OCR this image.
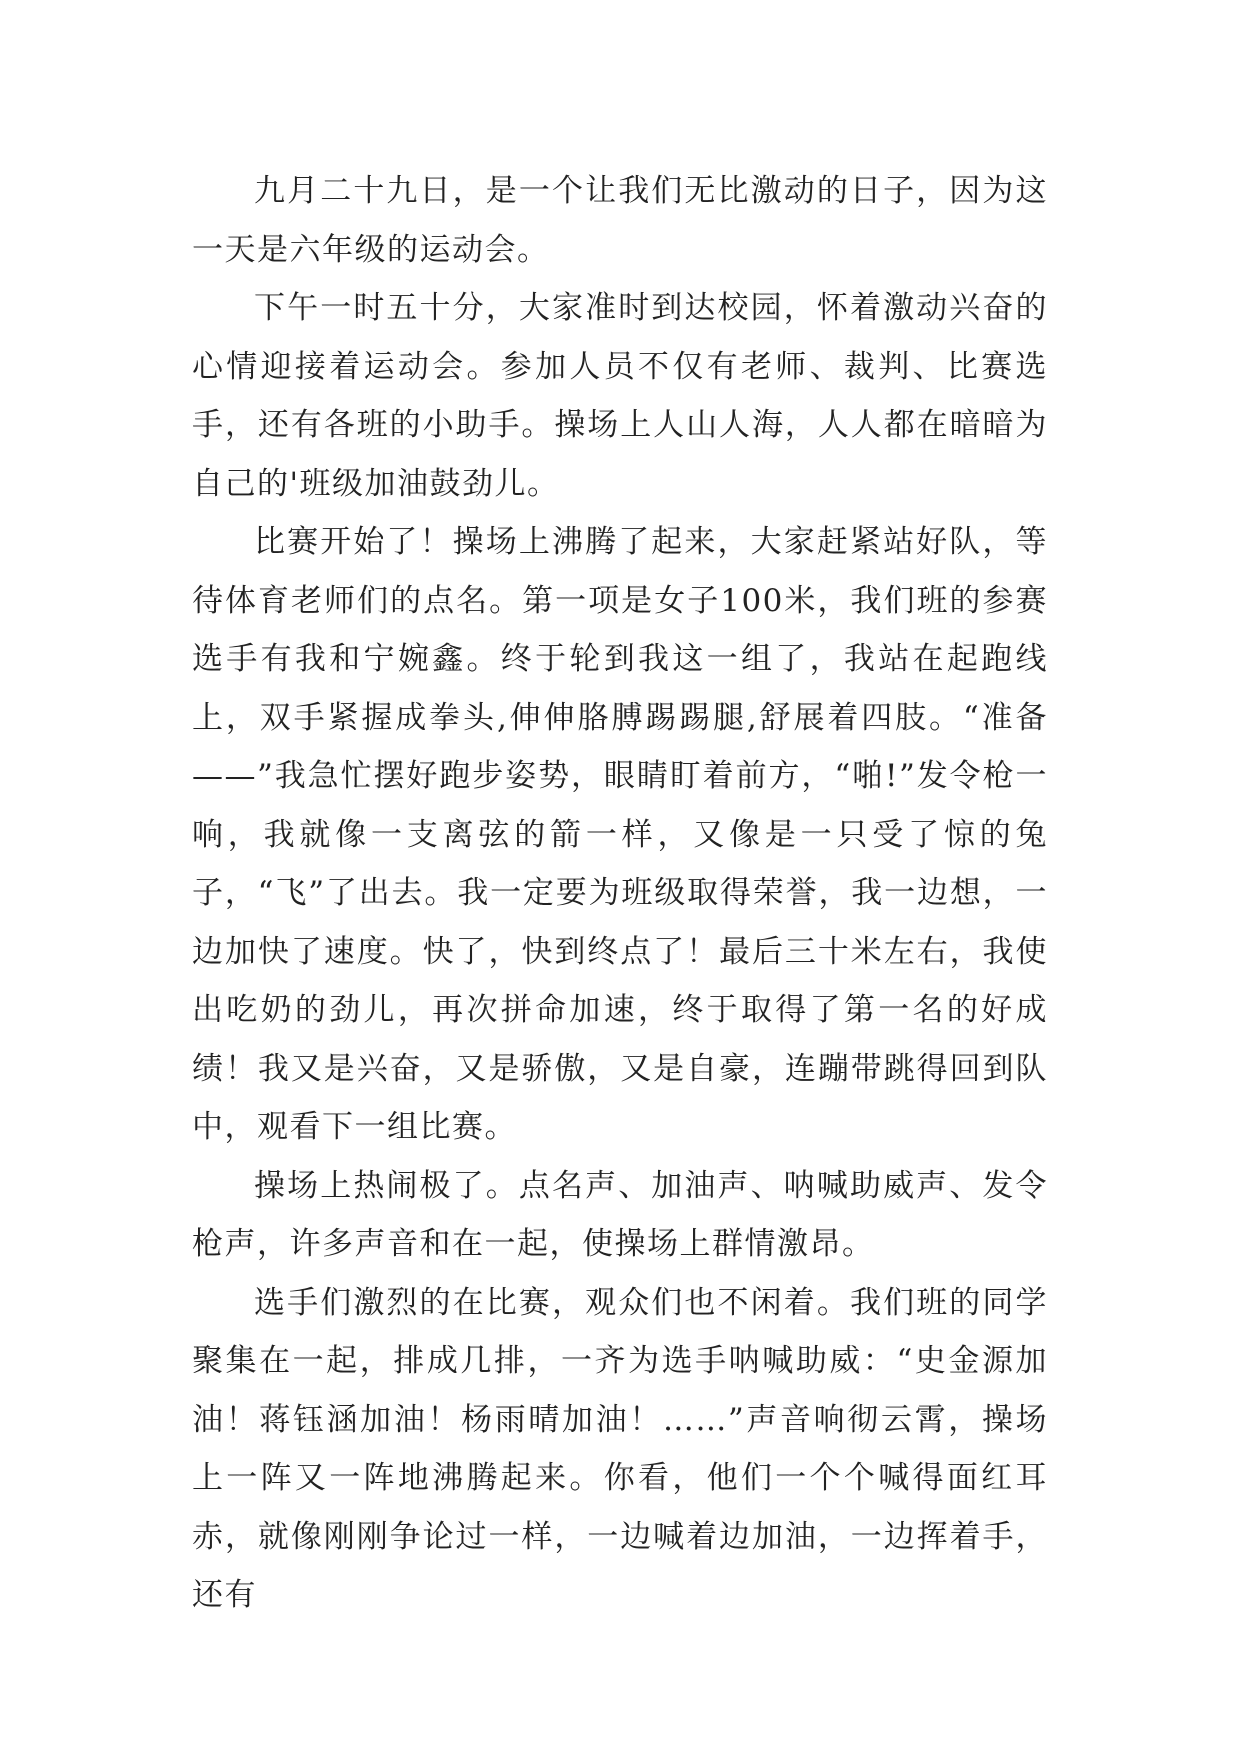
九月二十九日，是一个让我们无比激动的日子，因为这一天是六年级的运动会。

下午一时五十分，大家准时到达校园，怀着激动兴奋的心情迎接着运动会。参加人员不仅有老师、裁判、比赛选手，还有各班的小助手。操场上人山人海，人人都在暗暗为自己的'班级加油鼓劲儿。

比赛开始了！操场上沸腾了起来，大家赶紧站好队，等待体育老师们的点名。第一项是女子100米，我们班的参赛选手有我和宁婉鑫。终于轮到我这一组了，我站在起跑线上，双手紧握成拳头,伸伸胳膊踢踢腿,舒展着四肢。“准备——”我急忙摆好跑步姿势，眼睛盯着前方，“啪!”发令枪一响，我就像一支离弦的箭一样，又像是一只受了惊的兔子，“飞”了出去。我一定要为班级取得荣誉，我一边想，一边加快了速度。快了，快到终点了！最后三十米左右，我使出吃奶的劲儿，再次拼命加速，终于取得了第一名的好成绩！我又是兴奋，又是骄傲，又是自豪，连蹦带跳得回到队中，观看下一组比赛。

操场上热闹极了。点名声、加油声、呐喊助威声、发令枪声，许多声音和在一起，使操场上群情激昂。

选手们激烈的在比赛，观众们也不闲着。我们班的同学聚集在一起，排成几排，一齐为选手呐喊助威：“史金源加油！蒋钰涵加油！杨雨晴加油！……”声音响彻云霄，操场上一阵又一阵地沸腾起来。你看，他们一个个喊得面红耳赤，就像刚刚争论过一样，一边喊着边加油，一边挥着手，还有
